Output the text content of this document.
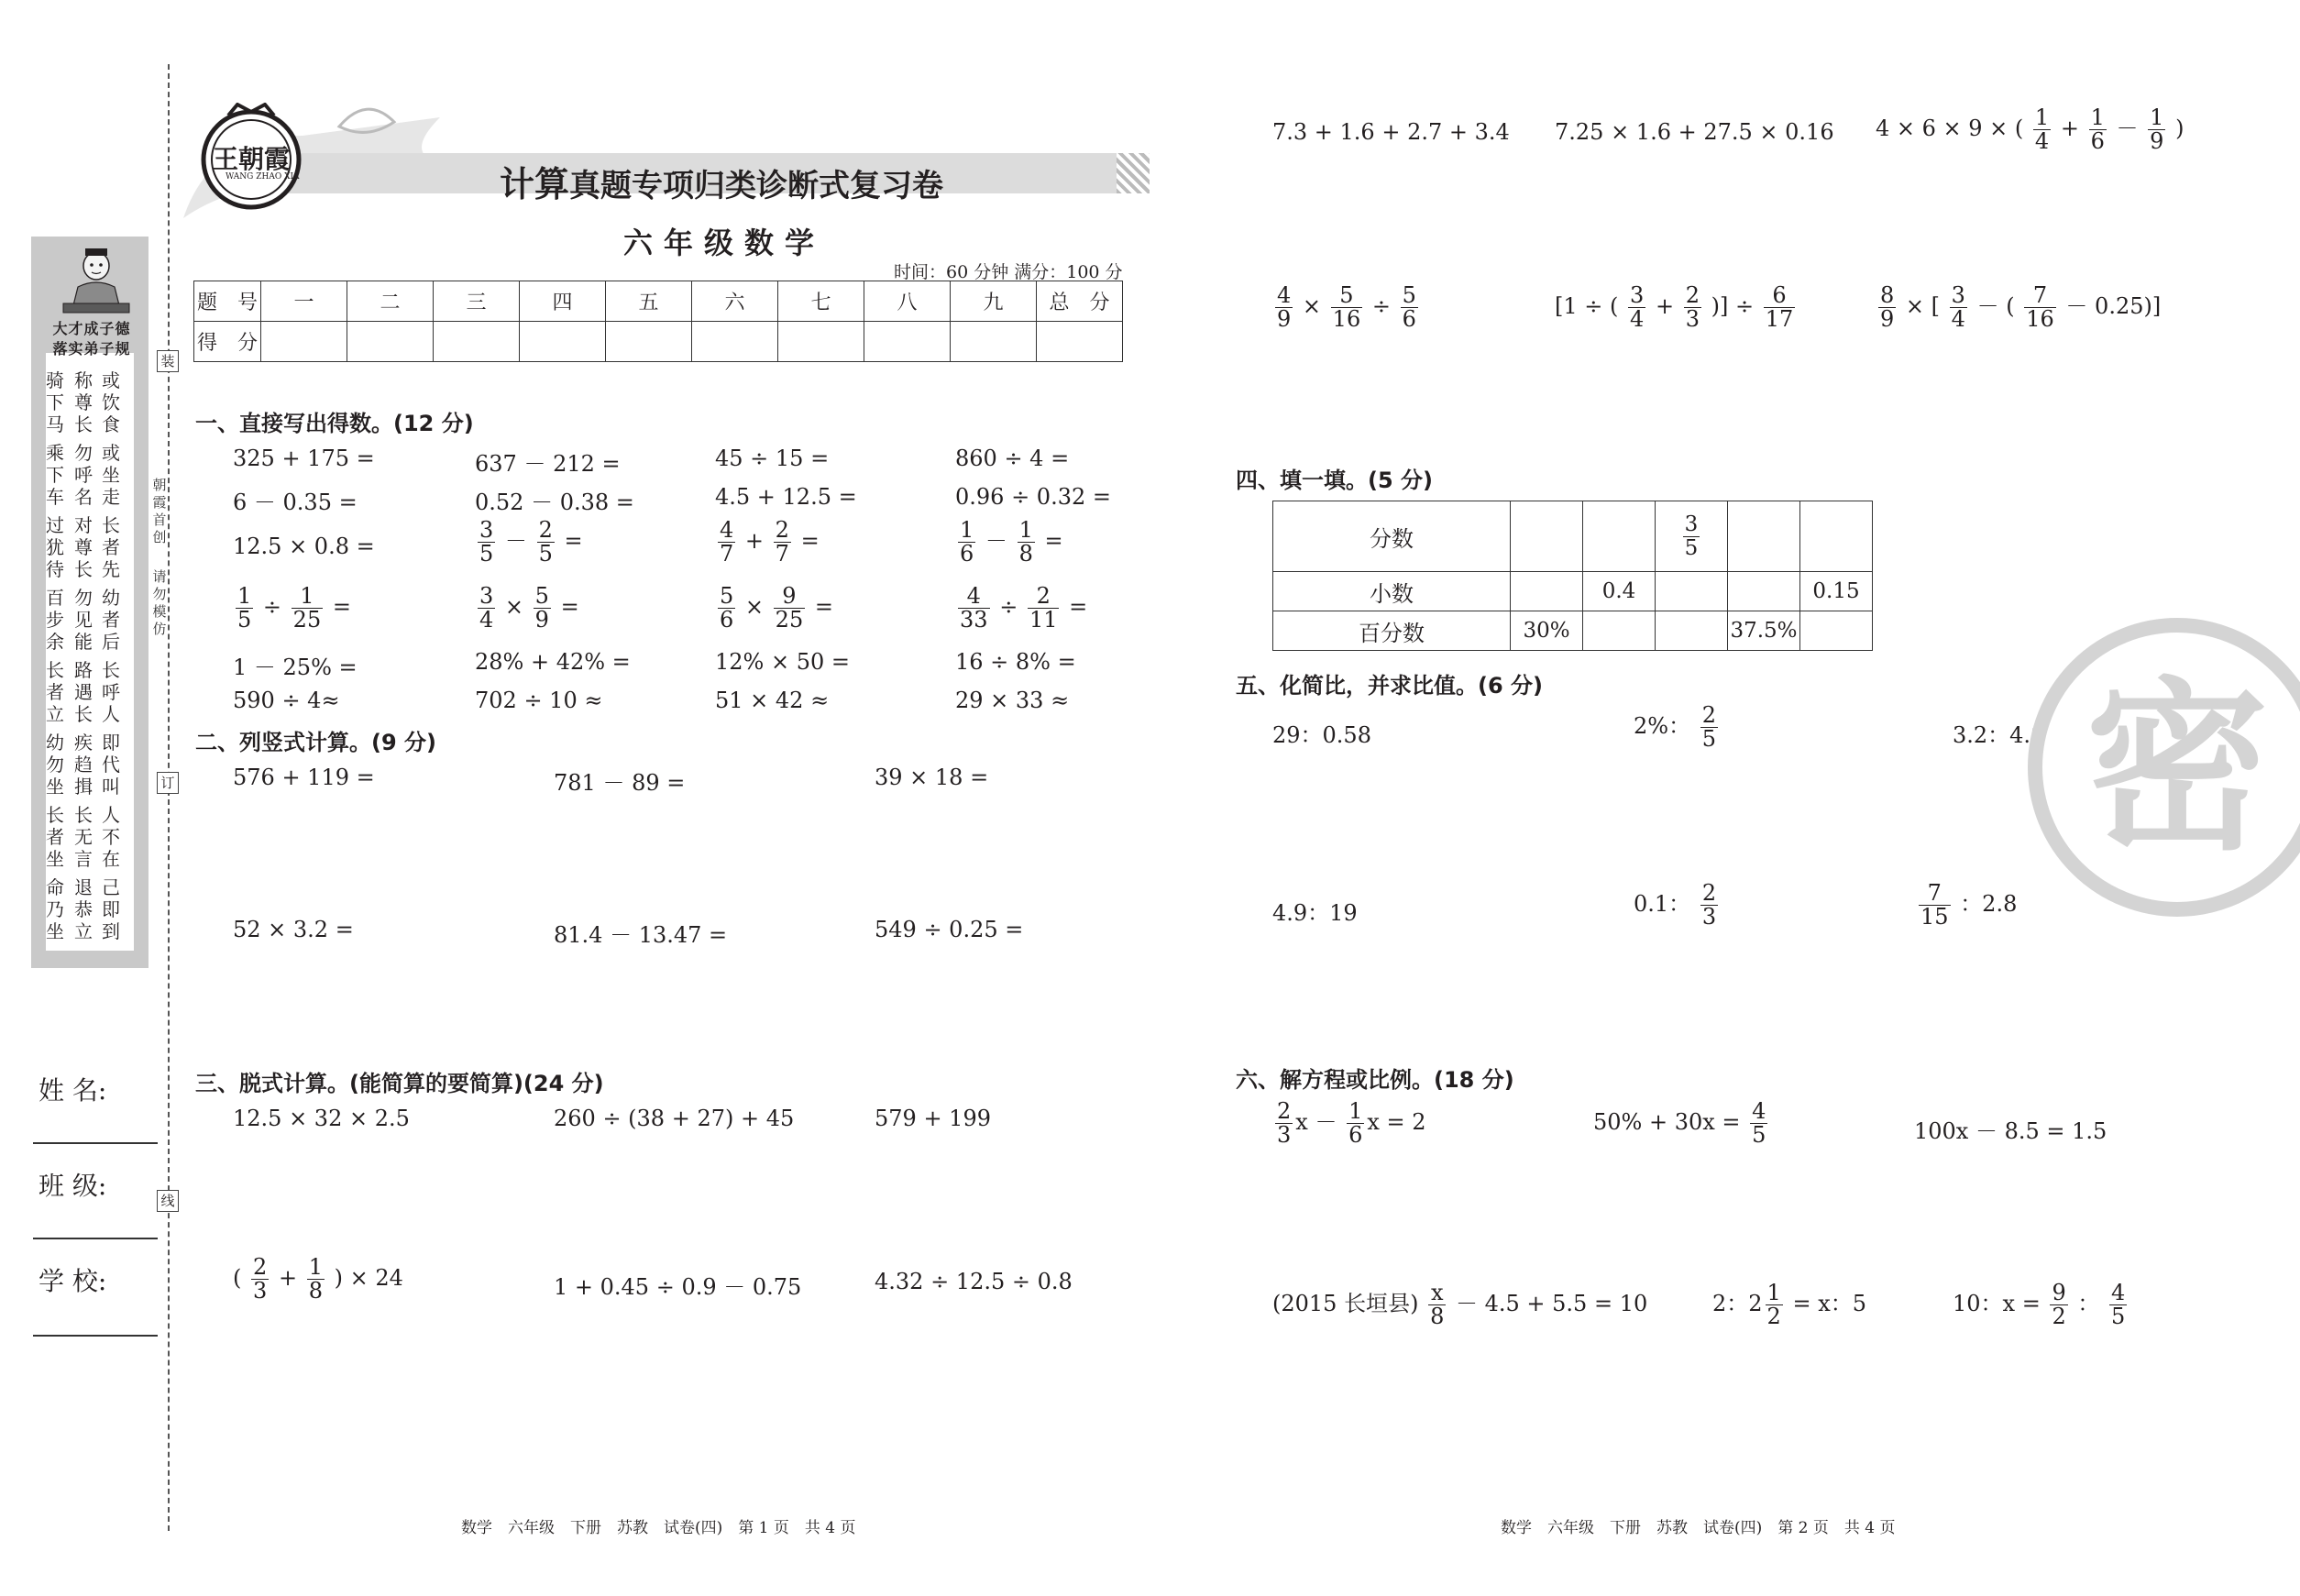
装
订
线
大才成子德
落实弟子规
骑
下
马
称
尊
长
或
饮
食
乘
下
车
勿
呼
名
或
坐
走
过
犹
待
对
尊
长
长
者
先
百
步
余
勿
见
能
幼
者
后
长
者
立
路
遇
长
长
呼
人
幼
勿
坐
疾
趋
揖
即
代
叫
长
者
坐
长
无
言
人
不
在
命
乃
坐
退
恭
立
己
即
到
朝
霞
首
创
请
勿
模
仿
姓 名:
班 级:
学 校:
王朝霞
WANG ZHAO XIA	计算真题专项归类诊断式复习卷
六年级数学
时间：60 分钟 满分：100 分
题　号	一	二	三	四	五	六	七	八	九	总　分
得　分										
一、直接写出得数。(12 分)
325 + 175 =	637 － 212 =	45 ÷ 15 =	860 ÷ 4 =
6 － 0.35 =	0.52 － 0.38 =	4.5 + 12.5 =	0.96 ÷ 0.32 =
12.5 × 0.8 =	$\frac{3}{5} - \frac{2}{5}$ =	$\frac{4}{7} + \frac{2}{7}$ =	$\frac{1}{6} - \frac{1}{8}$ =
$\frac{1}{5} \div \frac{1}{25}$ =	$\frac{3}{4} \times \frac{5}{9}$ =	$\frac{5}{6} \times \frac{9}{25}$ =	$\frac{4}{33} \div \frac{2}{11}$ =
1 － 25% =	28% + 42% =	12% × 50 =	16 ÷ 8% =
590 ÷ 4≈	702 ÷ 10 ≈	51 × 42 ≈	29 × 33 ≈
二、列竖式计算。(9 分)
576 + 119 =	781 － 89 =	39 × 18 =
52 × 3.2 =	81.4 － 13.47 =	549 ÷ 0.25 =
三、脱式计算。(能简算的要简算)(24 分)
12.5 × 32 × 2.5	260 ÷ (38 + 27) + 45	579 + 199
( $\frac{2}{3} + \frac{1}{8}$ ) × 24	1 + 0.45 ÷ 0.9 － 0.75	4.32 ÷ 12.5 ÷ 0.8
7.3 + 1.6 + 2.7 + 3.4 7.25 × 1.6 + 27.5 × 0.16 4 × 6 × 9 × ( $\frac{1}{4} + \frac{1}{6} - \frac{1}{9}$ )
$\frac{4}{9} \times \frac{5}{16} \div \frac{5}{6}$	[1 ÷ ( $\frac{3}{4} + \frac{2}{3}$ )] ÷ $\frac{6}{17}$	$\frac{8}{9}$ × [ $\frac{3}{4}$ － ( $\frac{7}{16} - 0.25$)]
四、填一填。(5 分)
分数			$\frac{3}{5}$

小数		0.4			0.15
百分数	30%			37.5%	
五、化简比，并求比值。(6 分)
29：0.58	2%： $\frac{2}{5}$	3.2：4.8
4.9：19	0.1： $\frac{2}{3}$	$\frac{7}{15}$ ：2.8
六、解方程或比例。(18 分)
$\frac{2}{3}$ $x - \frac{1}{6}$ x = 2	$50\% + 30x = \frac{4}{5}$	100x － 8.5 = 1.5
(2015 长垣县) $\frac{x}{8} - 4.5 + 5.5 = 10$	2：$2 \frac{1}{2} = x$：5	10：$x = \frac{9}{2}$ ： $\frac{4}{5}$
密
数学　六年级　下册　苏教　试卷(四)　第 1 页　共 4 页	数学　六年级　下册　苏教　试卷(四)　第 2 页　共 4 页
